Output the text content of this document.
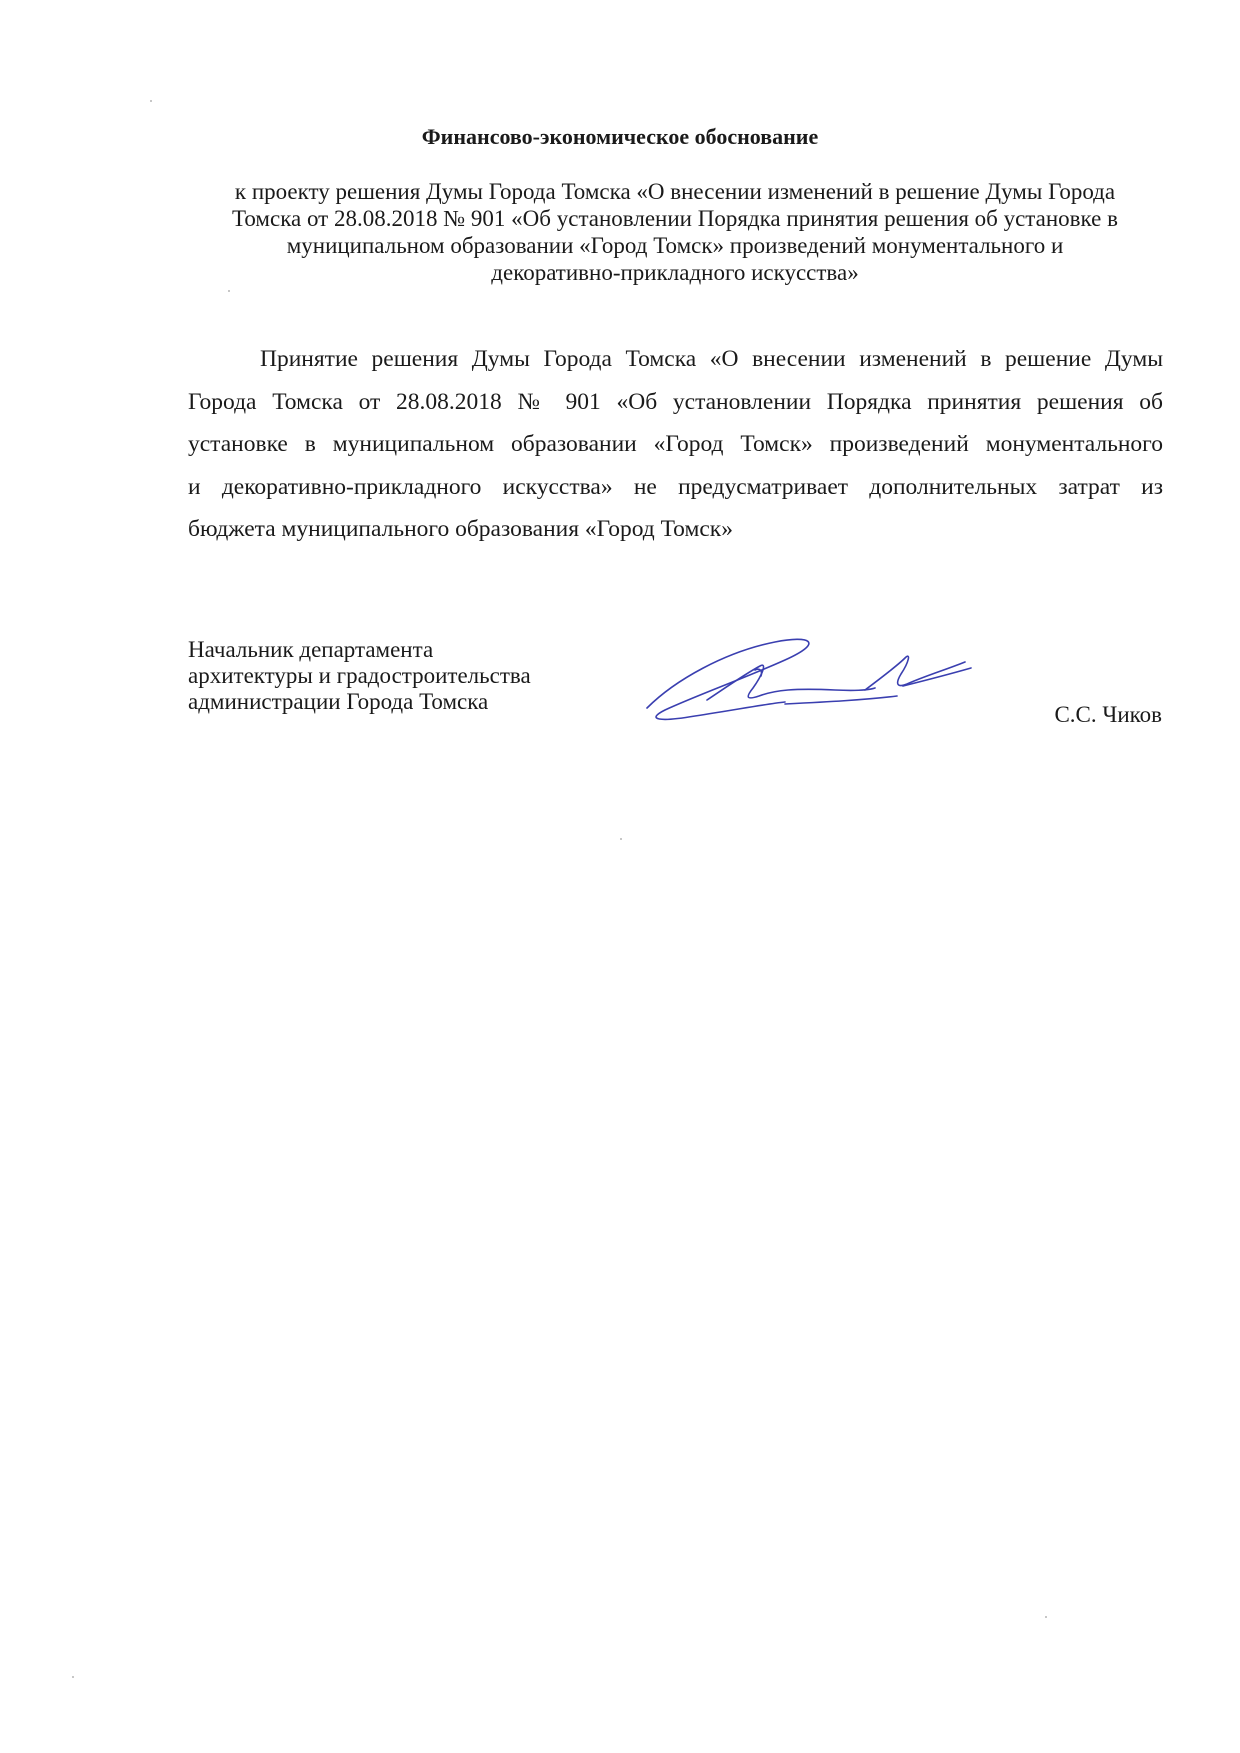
Финансово-экономическое обоснование
к проекту решения Думы Города Томска «О внесении изменений в решение Думы Города
Томска от 28.08.2018 № 901 «Об установлении Порядка принятия решения об установке в
муниципальном образовании «Город Томск» произведений монументального и
декоративно-прикладного искусства»
Принятие решения Думы Города Томска «О внесении изменений в решение Думы
Города Томска от 28.08.2018 № 901 «Об установлении Порядка принятия решения об
установке в муниципальном образовании «Город Томск» произведений монументального
и декоративно-прикладного искусства» не предусматривает дополнительных затрат из
бюджета муниципального образования «Город Томск»
Начальник департамента
архитектуры и градостроительства
администрации Города Томска
С.С. Чиков
